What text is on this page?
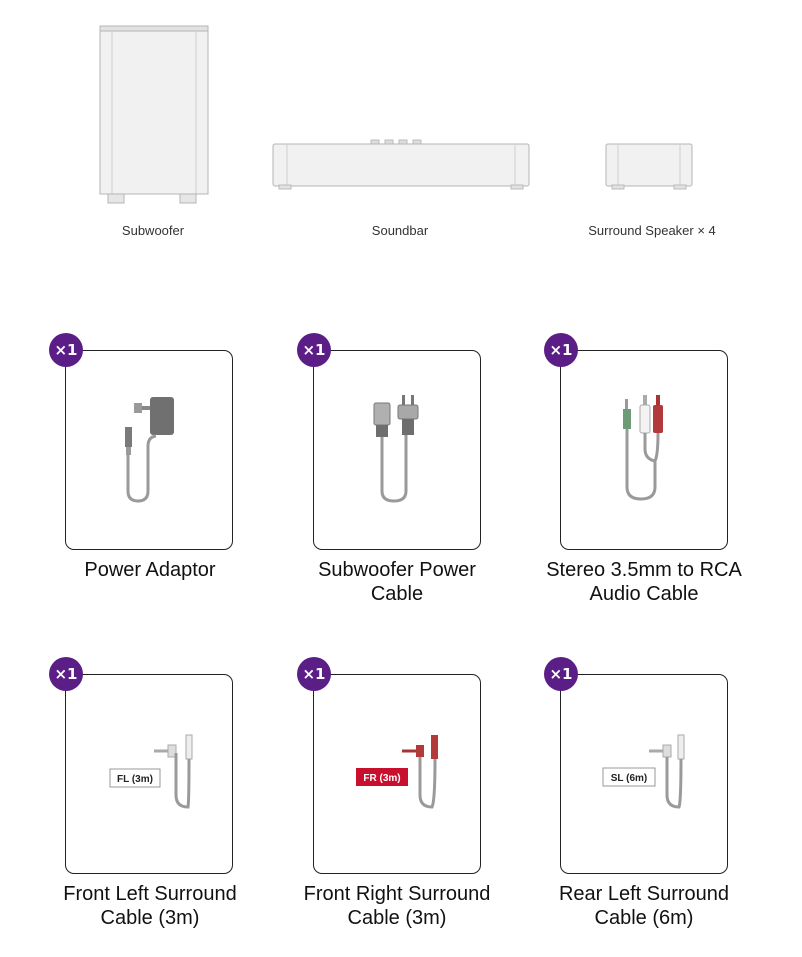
Subwoofer	Soundbar	Surround Speaker × 4
×1
Power Adaptor
×1
Subwoofer Power
Cable
×1
Stereo 3.5mm to RCA
Audio Cable
FL (3m)
×1
Front Left Surround
Cable (3m)
FR (3m)
×1
Front Right Surround
Cable (3m)
SL (6m)
×1
Rear Left Surround
Cable (6m)
